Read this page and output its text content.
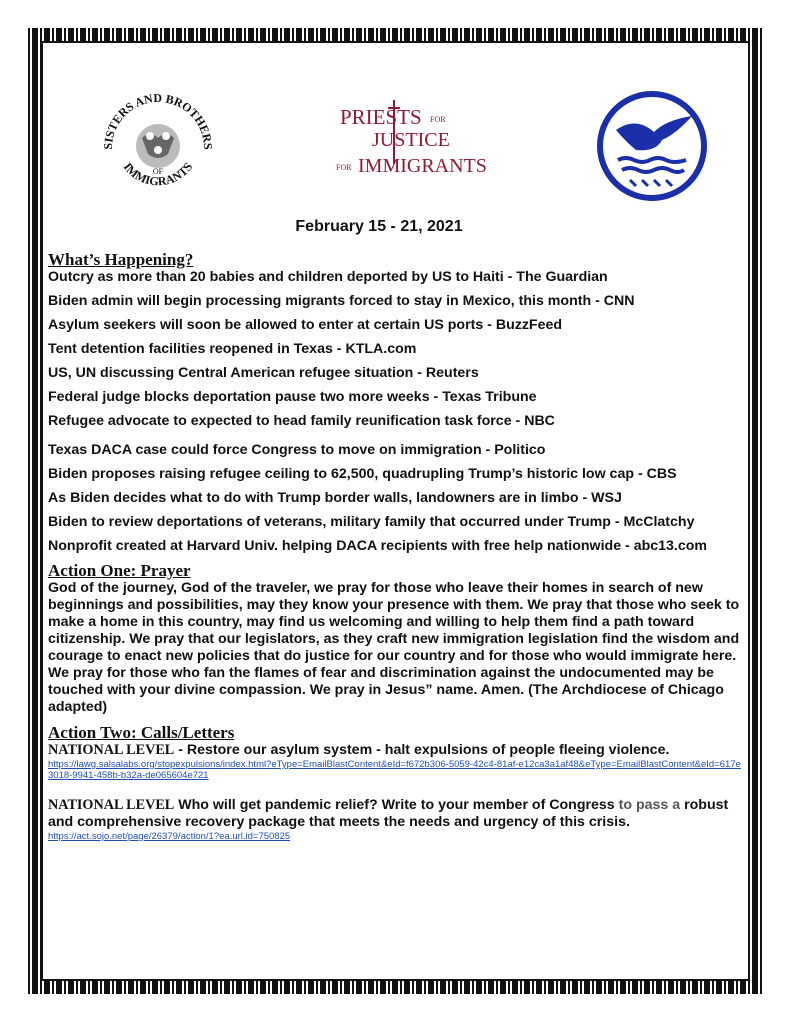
SISTERS AND BROTHERS
OF
IMMIGRANTS
PRIESTS FOR
JUSTICE
FOR IMMIGRANTS
February 15 - 21, 2021
What’s Happening?
Outcry as more than 20 babies and children deported by US to Haiti - The Guardian
Biden admin will begin processing migrants forced to stay in Mexico, this month - CNN
Asylum seekers will soon be allowed to enter at certain US ports - BuzzFeed
Tent detention facilities reopened in Texas - KTLA.com
US, UN discussing Central American refugee situation - Reuters
Federal judge blocks deportation pause two more weeks - Texas Tribune
Refugee advocate to expected to head family reunification task force - NBC
Texas DACA case could force Congress to move on immigration - Politico
Biden proposes raising refugee ceiling to 62,500, quadrupling Trump’s historic low cap - CBS
As Biden decides what to do with Trump border walls, landowners are in limbo - WSJ
Biden to review deportations of veterans, military family that occurred under Trump - McClatchy
Nonprofit created at Harvard Univ. helping DACA recipients with free help nationwide - abc13.com
Action One: Prayer

God of the journey, God of the traveler, we pray for those who leave their homes in search of new beginnings and possibilities, may they know your presence with them. We pray that those who seek to make a home in this country, may find us welcoming and willing to help them find a path toward citizenship. We pray that our legislators, as they craft new immigration legislation find the wisdom and courage to enact new policies that do justice for our country and for those who would immigrate here. We pray for those who fan the flames of fear and discrimination against the undocumented may be touched with your divine compassion. We pray in Jesus” name. Amen. (The Archdiocese of Chicago adapted)

Action Two: Calls/Letters

NATIONAL LEVEL - Restore our asylum system - halt expulsions of people fleeing violence.

https://lawg.salsalabs.org/stopexpulsions/index.html?eType=EmailBlastContent&eId=f672b306-5059-42c4-81af-e12ca3a1af48&eType=EmailBlastContent&eId=617e3018-9941-458b-b32a-de065604e721

NATIONAL LEVEL Who will get pandemic relief? Write to your member of Congress to pass a robust and comprehensive recovery package that meets the needs and urgency of this crisis.

https://act.sojo.net/page/26379/action/1?ea.url.id=750825
